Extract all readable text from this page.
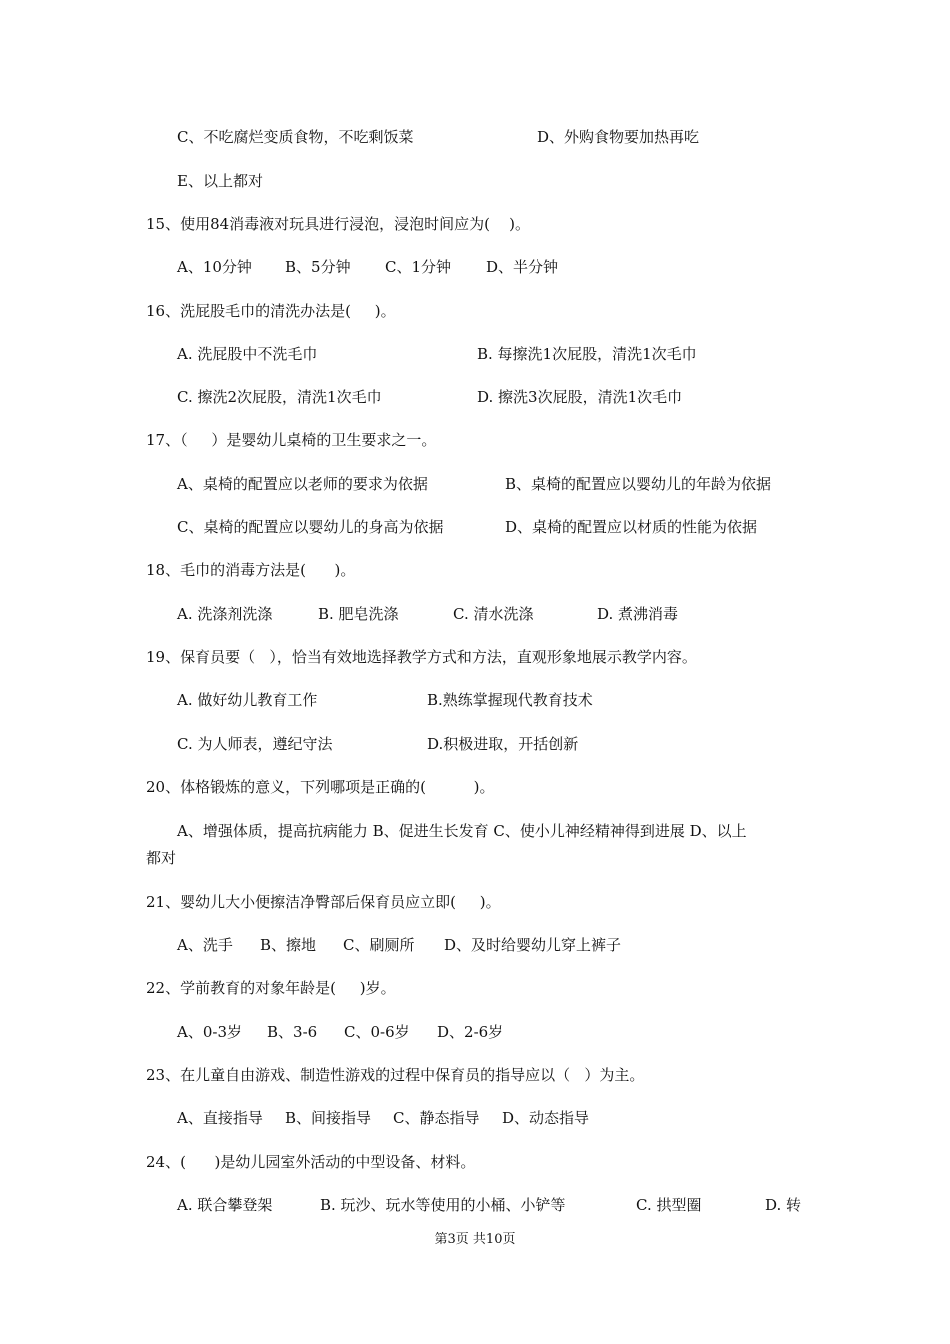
C、不吃腐烂变质食物，不吃剩饭菜	D、外购食物要加热再吃
E、以上都对
15、使用84消毒液对玩具进行浸泡，浸泡时间应为(    )。
A、10分钟 B、5分钟 C、1分钟 D、半分钟
16、洗屁股毛巾的清洗办法是(     )。
A. 洗屁股中不洗毛巾	B. 每擦洗1次屁股，清洗1次毛巾
C. 擦洗2次屁股，清洗1次毛巾	D. 擦洗3次屁股，清洗1次毛巾
17、（     ）是婴幼儿桌椅的卫生要求之一。
A、桌椅的配置应以老师的要求为依据	B、桌椅的配置应以婴幼儿的年龄为依据
C、桌椅的配置应以婴幼儿的身高为依据	D、桌椅的配置应以材质的性能为依据
18、毛巾的消毒方法是(      )。
A. 洗涤剂洗涤	B. 肥皂洗涤	C. 清水洗涤	D. 煮沸消毒
19、保育员要（   ），恰当有效地选择教学方式和方法，直观形象地展示教学内容。
A. 做好幼儿教育工作	B.熟练掌握现代教育技术
C. 为人师表，遵纪守法	D.积极进取，开括创新
20、体格锻炼的意义，下列哪项是正确的(          )。
A、增强体质，提高抗病能力 B、促进生长发育 C、使小儿神经精神得到进展 D、以上
都对
21、婴幼儿大小便擦洁净臀部后保育员应立即(     )。
A、洗手 B、擦地 C、刷厕所 D、及时给婴幼儿穿上裤子
22、学前教育的对象年龄是(     )岁。
A、0-3岁 B、3-6 C、0-6岁 D、2-6岁
23、在儿童自由游戏、制造性游戏的过程中保育员的指导应以（   ）为主。
A、直接指导 B、间接指导 C、静态指导 D、动态指导
24、(      )是幼儿园室外活动的中型设备、材料。
A. 联合攀登架	B. 玩沙、玩水等使用的小桶、小铲等	C. 拱型圈	D. 转
第3页 共10页
